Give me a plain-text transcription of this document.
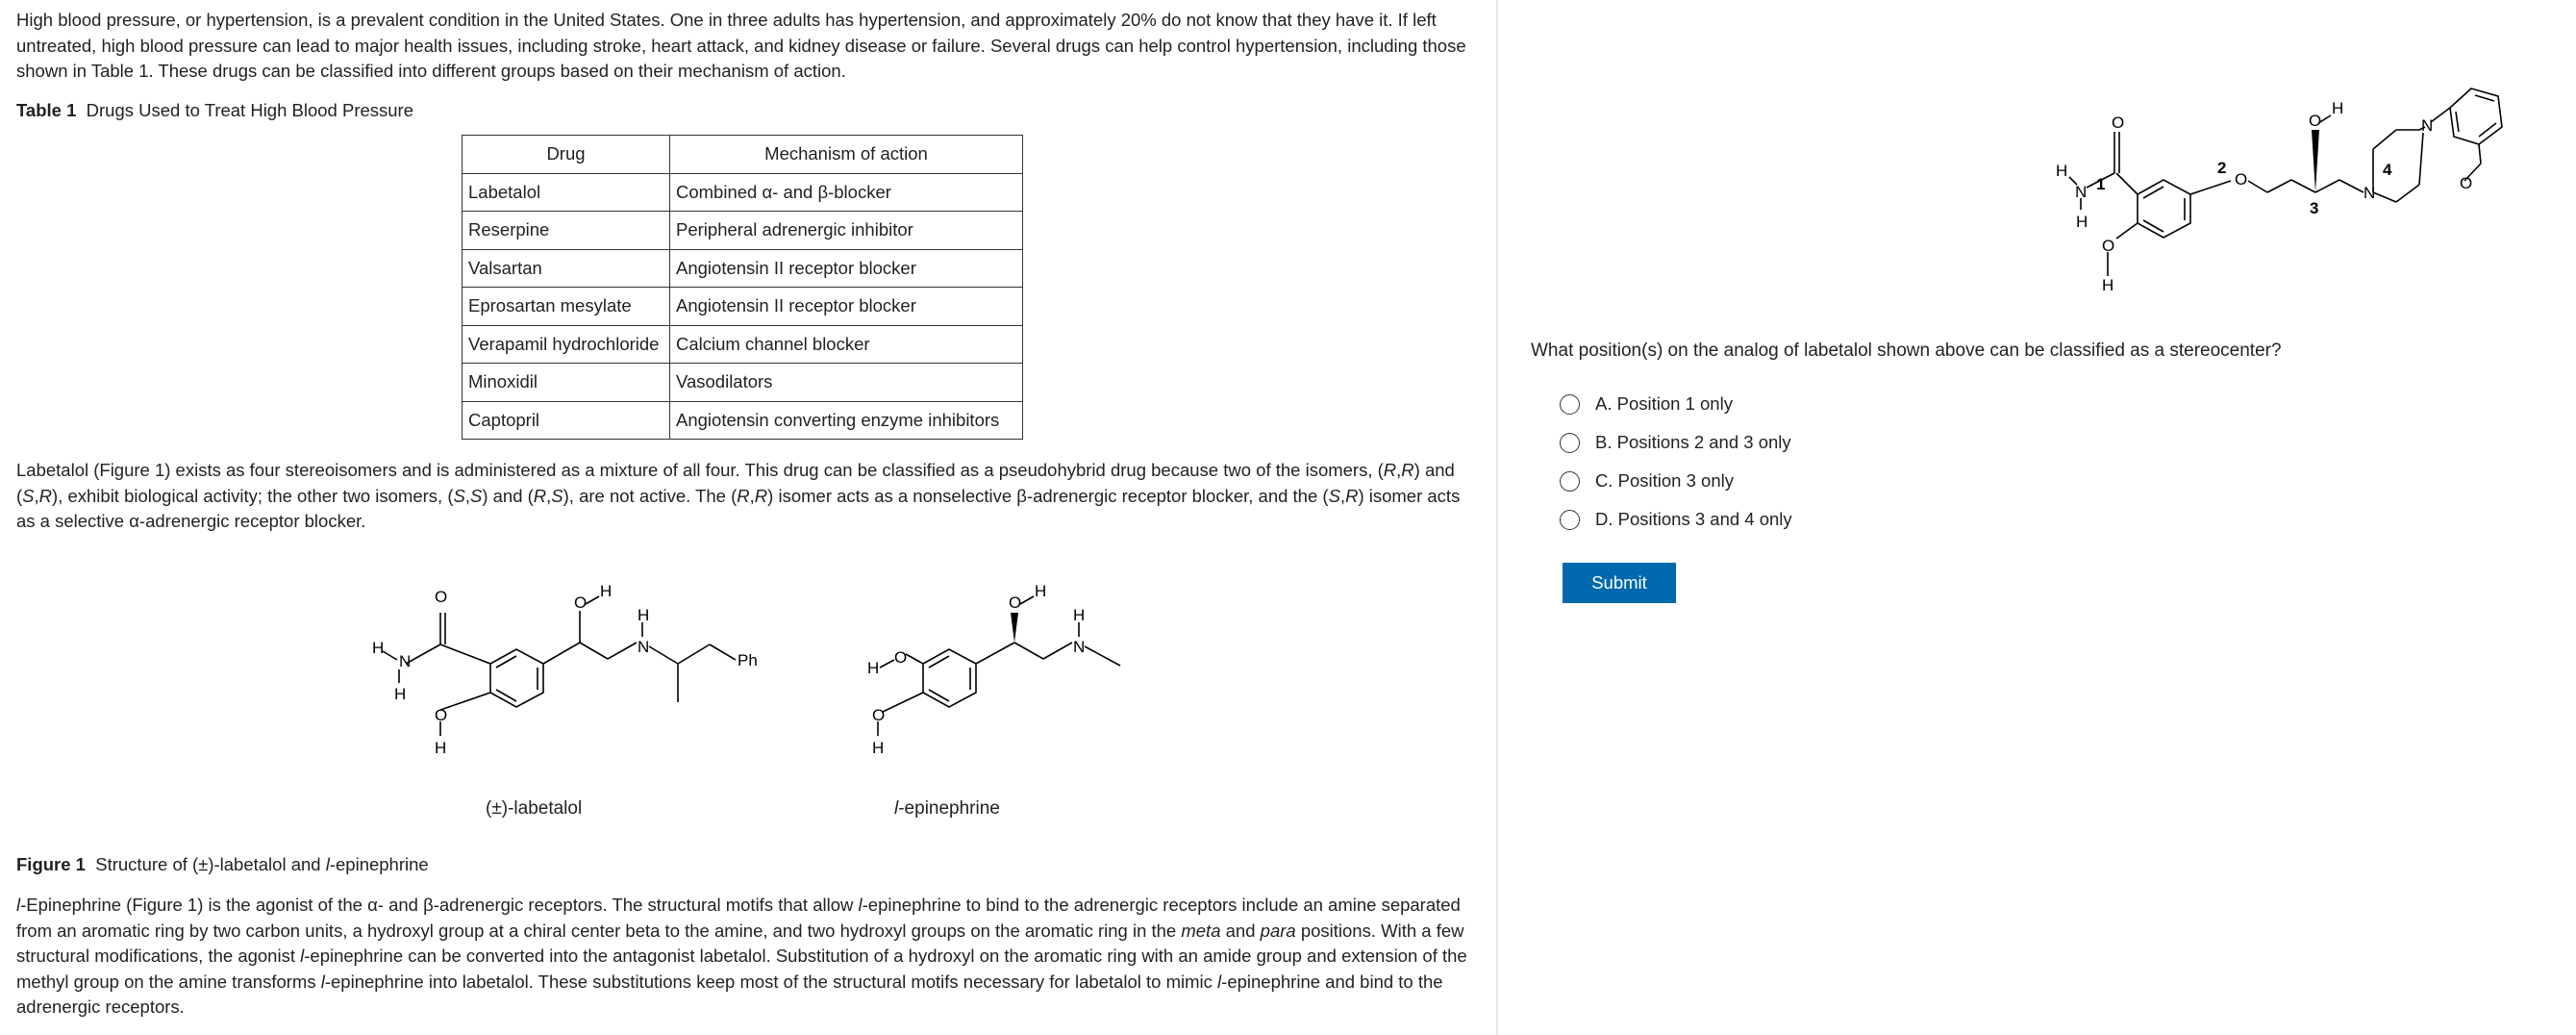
High blood pressure, or hypertension, is a prevalent condition in the United States. One in three adults has hypertension, and approximately 20% do not know that they have it. If left untreated, high blood pressure can lead to major health issues, including stroke, heart attack, and kidney disease or failure. Several drugs can help control hypertension, including those shown in Table 1. These drugs can be classified into different groups based on their mechanism of action.

Table 1 Drugs Used to Treat High Blood Pressure

Drug	Mechanism of action
Labetalol	Combined α- and β-blocker
Reserpine	Peripheral adrenergic inhibitor
Valsartan	Angiotensin II receptor blocker
Eprosartan mesylate	Angiotensin II receptor blocker
Verapamil hydrochloride	Calcium channel blocker
Minoxidil	Vasodilators
Captopril	Angiotensin converting enzyme inhibitors

Labetalol (Figure 1) exists as four stereoisomers and is administered as a mixture of all four. This drug can be classified as a pseudohybrid drug because two of the isomers, (R,R) and (S,R), exhibit biological activity; the other two isomers, (S,S) and (R,S), are not active. The (R,R) isomer acts as a nonselective β-adrenergic receptor blocker, and the (S,R) isomer acts as a selective α-adrenergic receptor blocker.

O
N
H
H
O
H
O
H
H
N
Ph
(±)-labetalol
O
H
O
H
O
H
H
N
l-epinephrine

Figure 1 Structure of (±)-labetalol and l-epinephrine

l-Epinephrine (Figure 1) is the agonist of the α- and β-adrenergic receptors. The structural motifs that allow l-epinephrine to bind to the adrenergic receptors include an amine separated from an aromatic ring by two carbon units, a hydroxyl group at a chiral center beta to the amine, and two hydroxyl groups on the aromatic ring in the meta and para positions. With a few structural modifications, the agonist l-epinephrine can be converted into the antagonist labetalol. Substitution of a hydroxyl on the aromatic ring with an amide group and extension of the methyl group on the amine transforms l-epinephrine into labetalol. These substitutions keep most of the structural motifs necessary for labetalol to mimic l-epinephrine and bind to the adrenergic receptors.

O
H
N
H
O
H
O
O
H
N
N
O
1
2
3
4

What position(s) on the analog of labetalol shown above can be classified as a stereocenter?

A.
Position 1 only
B.
Positions 2 and 3 only
C.
Position 3 only
D.
Positions 3 and 4 only
Submit
